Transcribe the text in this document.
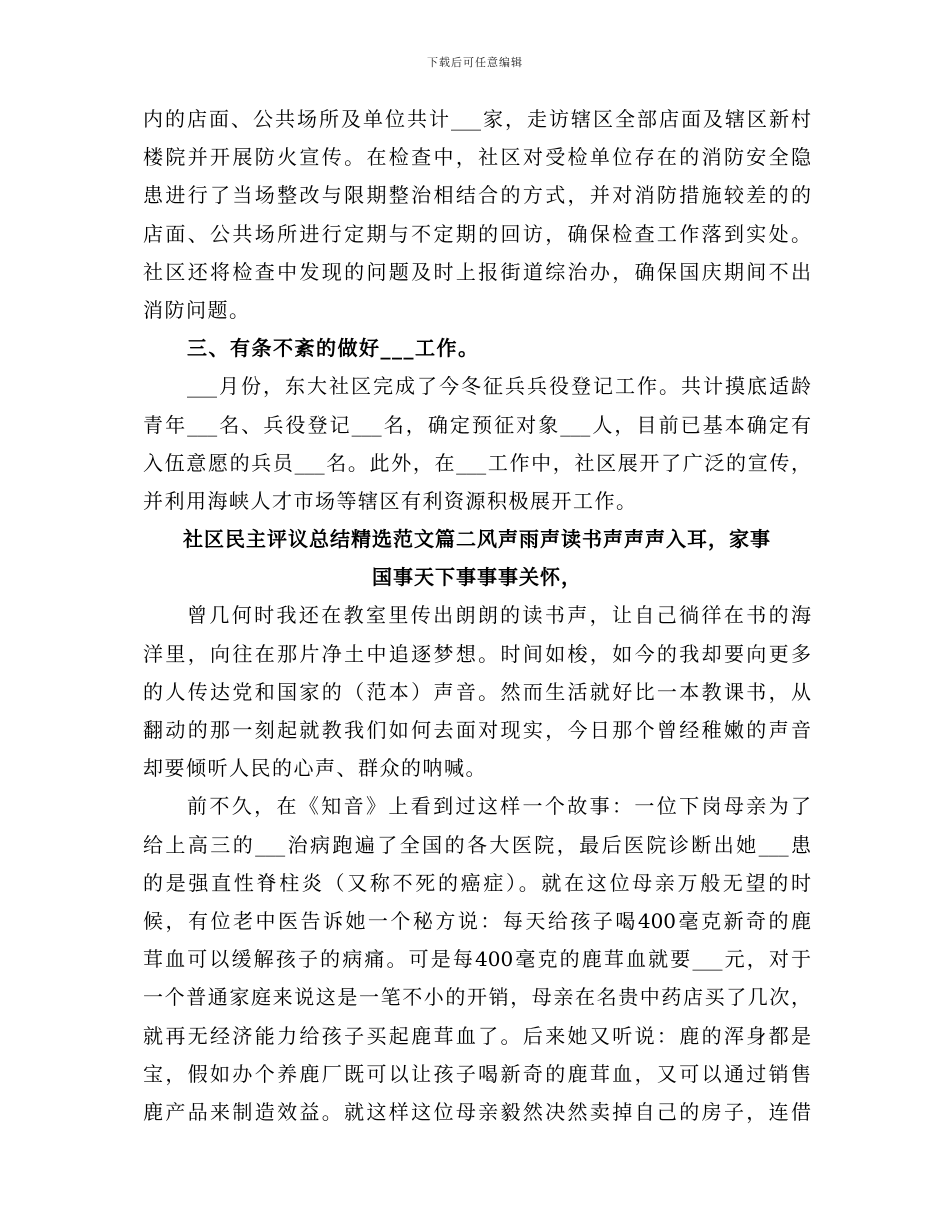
下载后可任意编辑
内的店面、公共场所及单位共计___家，走访辖区全部店面及辖区新村
楼院并开展防火宣传。在检查中，社区对受检单位存在的消防安全隐
患进行了当场整改与限期整治相结合的方式，并对消防措施较差的的
店面、公共场所进行定期与不定期的回访，确保检查工作落到实处。
社区还将检查中发现的问题及时上报街道综治办，确保国庆期间不出
消防问题。
三、有条不紊的做好___工作。
___月份，东大社区完成了今冬征兵兵役登记工作。共计摸底适龄
青年___名、兵役登记___名，确定预征对象___人，目前已基本确定有
入伍意愿的兵员___名。此外，在___工作中，社区展开了广泛的宣传，
并利用海峡人才市场等辖区有利资源积极展开工作。
社区民主评议总结精选范文篇二风声雨声读书声声声入耳，家事
国事天下事事事关怀，
曾几何时我还在教室里传出朗朗的读书声，让自己徜徉在书的海
洋里，向往在那片净土中追逐梦想。时间如梭，如今的我却要向更多
的人传达党和国家的（范本）声音。然而生活就好比一本教课书，从
翻动的那一刻起就教我们如何去面对现实，今日那个曾经稚嫩的声音
却要倾听人民的心声、群众的呐喊。
前不久，在《知音》上看到过这样一个故事：一位下岗母亲为了
给上高三的___治病跑遍了全国的各大医院，最后医院诊断出她___患
的是强直性脊柱炎（又称不死的癌症）。就在这位母亲万般无望的时
候，有位老中医告诉她一个秘方说：每天给孩子喝400毫克新奇的鹿
茸血可以缓解孩子的病痛。可是每400毫克的鹿茸血就要___元，对于
一个普通家庭来说这是一笔不小的开销，母亲在名贵中药店买了几次，
就再无经济能力给孩子买起鹿茸血了。后来她又听说：鹿的浑身都是
宝，假如办个养鹿厂既可以让孩子喝新奇的鹿茸血，又可以通过销售
鹿产品来制造效益。就这样这位母亲毅然决然卖掉自己的房子，连借
